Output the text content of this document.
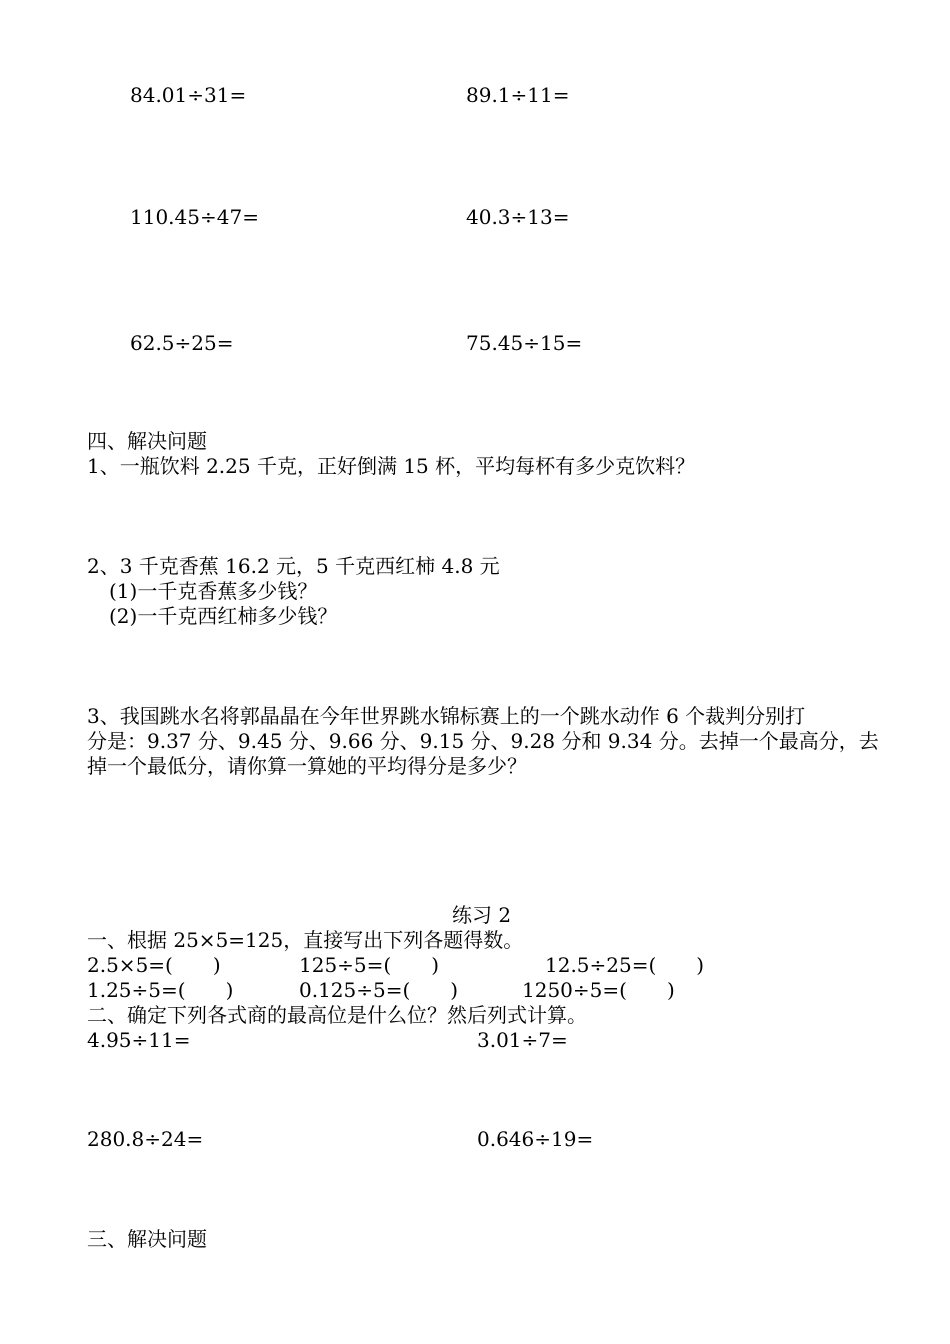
84.01÷31=	89.1÷11=
110.45÷47=	40.3÷13=
62.5÷25=	75.45÷15=
四、解决问题
1、一瓶饮料 2.25 千克，正好倒满 15 杯，平均每杯有多少克饮料？
2、3 千克香蕉 16.2 元，5 千克西红柿 4.8 元
(1)一千克香蕉多少钱？
(2)一千克西红柿多少钱？
3、我国跳水名将郭晶晶在今年世界跳水锦标赛上的一个跳水动作 6 个裁判分别打
分是：9.37 分、9.45 分、9.66 分、9.15 分、9.28 分和 9.34 分。去掉一个最高分，去
掉一个最低分，请你算一算她的平均得分是多少？
练习 2
一、根据 25×5=125，直接写出下列各题得数。
2.5×5=(　　)	125÷5=(　　)	12.5÷25=(　　)
1.25÷5=(　　)	0.125÷5=(　　)	1250÷5=(　　)
二、确定下列各式商的最高位是什么位？然后列式计算。
4.95÷11=	3.01÷7=
280.8÷24=	0.646÷19=
三、解决问题
